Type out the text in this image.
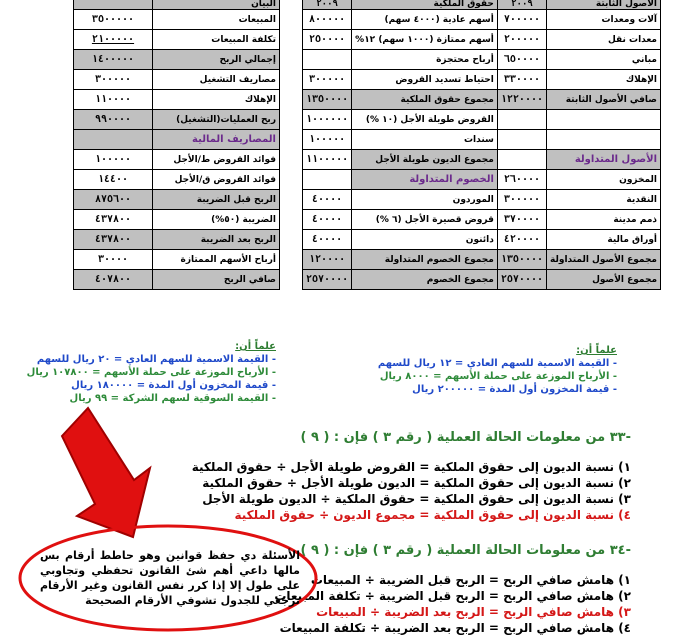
البيان	
المبيعات	٣٥٠٠٠٠٠
تكلفة المبيعات	٢١٠٠٠٠٠
إجمالي الربح	١٤٠٠٠٠٠
مصاريف التشغيل	٣٠٠٠٠٠
الإهلاك	١١٠٠٠٠
ربح العمليات(التشغيل)	٩٩٠٠٠٠
المصاريف المالية	
فوائد القروض ط/الأجل	١٠٠٠٠٠
فوائد القروض ق/الأجل	١٤٤٠٠
الربح قبل الضريبة	٨٧٥٦٠٠
الضريبة (٥٠%)	٤٣٧٨٠٠
الربح بعد الضريبة	٤٣٧٨٠٠
أرباح الأسهم الممتازة	٣٠٠٠٠
صافي الربح	٤٠٧٨٠٠
الأصول الثابتة	٢٠٠٩	حقوق الملكية	٢٠٠٩
آلات ومعدات	٧٠٠٠٠٠	أسهم عادية (٤٠٠٠ سهم)	٨٠٠٠٠٠
معدات نقل	٢٠٠٠٠٠	أسهم ممتازة (١٠٠٠ سهم) ١٢%	٢٥٠٠٠٠
مباني	٦٥٠٠٠٠	أرباح محتجزة	
الإهلاك	٣٣٠٠٠٠	احتياط تسديد القروض	٣٠٠٠٠٠
صافي الأصول الثابتة	١٢٢٠٠٠٠	مجموع حقوق الملكية	١٣٥٠٠٠٠
		القروض طويلة الأجل (١٠ %)	١٠٠٠٠٠٠
		سندات	١٠٠٠٠٠
الأصول المتداولة		مجموع الديون طويلة الأجل	١١٠٠٠٠٠
المخزون	٢٦٠٠٠٠	الخصوم المتداولة	
النقدية	٣٠٠٠٠٠	الموردون	٤٠٠٠٠
ذمم مدينة	٣٧٠٠٠٠	قروض قصيرة الأجل (٦ %)	٤٠٠٠٠
أوراق مالية	٤٢٠٠٠٠	دائنون	٤٠٠٠٠
مجموع الأصول المتداولة	١٣٥٠٠٠٠	مجموع الخصوم المتداولة	١٢٠٠٠٠
مجموع الأصول	٢٥٧٠٠٠٠	مجموع الخصوم	٢٥٧٠٠٠٠
علماً أن:
- القيمة الاسمية للسهم العادي = ٢٠ ريال للسهم
- الأرباح الموزعة على حملة الأسهم = ١٠٧٨٠٠ ريال
- قيمة المخزون أول المدة = ١٨٠٠٠٠ ريال
- القيمة السوقية لسهم الشركة = ٩٩ ريال
علماً أن:
- القيمة الاسمية للسهم العادي = ١٢ ريال للسهم
- الأرباح الموزعة على حملة الأسهم = ٨٠٠٠ ريال
- قيمة المخزون أول المدة = ٢٠٠٠٠٠ ريال
-٣٣ من معلومات الحالة العملية ( رقم ٣ ) فإن : ( ٩ )
١) نسبة الديون إلى حقوق الملكية = القروض طويلة الأجل ÷ حقوق الملكية
٢) نسبة الديون إلى حقوق الملكية = الديون طويلة الأجل ÷ حقوق الملكية
٣) نسبة الديون إلى حقوق الملكية = حقوق الملكية ÷ الديون طويلة الأجل
٤) نسبة الديون إلى حقوق الملكية = مجموع الديون ÷ حقوق الملكية
-٣٤ من معلومات الحالة العملية ( رقم ٣ ) فإن : ( ٩ )
١) هامش صافي الربح = الربح قبل الضريبة ÷ المبيعات
٢) هامش صافي الربح = الربح قبل الضريبة ÷ تكلفة المبيعات
٣) هامش صافي الربح = الربح بعد الضريبة ÷ المبيعات
٤) هامش صافي الربح = الربح بعد الضريبة ÷ تكلفة المبيعات
الأسئلة دي حفظ قوانين وهو حاطط أرقام بس مالها داعي أهم شئ القانون تحفظي وتجاوبي على طول إلا إذا كرر نفس القانون وغير الأرقام ترجعي للجدول تشوفي الأرقام الصحيحة
